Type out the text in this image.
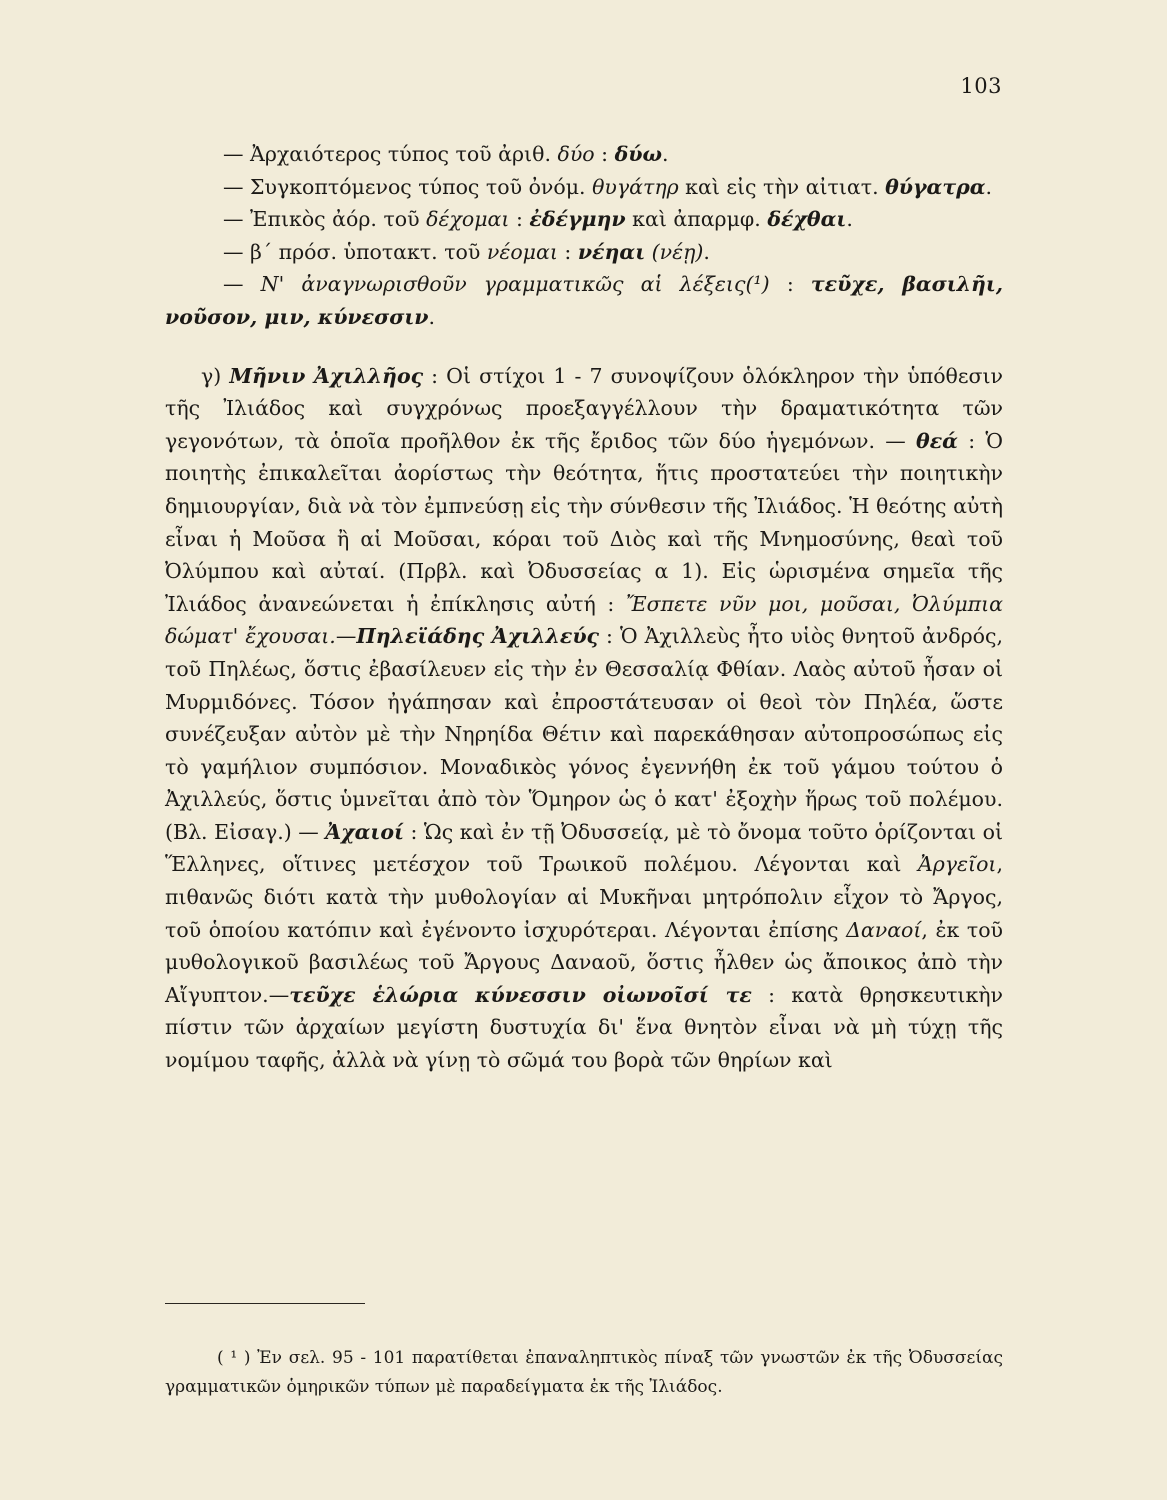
103

— Ἀρχαιότερος τύπος τοῦ ἀριθ. δύο : δύω.

— Συγκοπτόμενος τύπος τοῦ ὀνόμ. θυγάτηρ καὶ εἰς τὴν αἰτιατ. θύγατρα.

— Ἐπικὸς ἀόρ. τοῦ δέχομαι : ἐδέγμην καὶ ἀπαρμφ. δέχθαι.

— β΄ πρόσ. ὑποτακτ. τοῦ νέομαι : νέηαι (νέῃ).

— Ν' ἀναγνωρισθοῦν γραμματικῶς αἱ λέξεις(¹) : τεῦχε, βασιλῆι, νοῦσον, μιν, κύνεσσιν.

γ) Μῆνιν Ἀχιλλῆος : Οἱ στίχοι 1 - 7 συνοψίζουν ὁλόκληρον τὴν ὑπόθεσιν τῆς Ἰλιάδος καὶ συγχρόνως προεξαγγέλλουν τὴν δραματικότητα τῶν γεγονότων, τὰ ὁποῖα προῆλθον ἐκ τῆς ἔριδος τῶν δύο ἡγεμόνων. — θεά : Ὁ ποιητὴς ἐπικαλεῖται ἀορίστως τὴν θεότητα, ἥτις προστατεύει τὴν ποιητικὴν δημιουργίαν, διὰ νὰ τὸν ἐμπνεύσῃ εἰς τὴν σύνθεσιν τῆς Ἰλιάδος. Ἡ θεότης αὐτὴ εἶναι ἡ Μοῦσα ἢ αἱ Μοῦσαι, κόραι τοῦ Διὸς καὶ τῆς Μνημοσύνης, θεαὶ τοῦ Ὀλύμπου καὶ αὐταί. (Πρβλ. καὶ Ὀδυσσείας α 1). Εἰς ὡρισμένα σημεῖα τῆς Ἰλιάδος ἀνανεώνεται ἡ ἐπίκλησις αὐτή : Ἔσπετε νῦν μοι, μοῦσαι, Ὀλύμπια δώματ' ἔχουσαι.—Πηλεϊάδης Ἀχιλλεύς : Ὁ Ἀχιλλεὺς ἦτο υἱὸς θνητοῦ ἀνδρός, τοῦ Πηλέως, ὅστις ἐβασίλευεν εἰς τὴν ἐν Θεσσαλίᾳ Φθίαν. Λαὸς αὐτοῦ ἦσαν οἱ Μυρμιδόνες. Τόσον ἠγάπησαν καὶ ἐπροστάτευσαν οἱ θεοὶ τὸν Πηλέα, ὥστε συνέζευξαν αὐτὸν μὲ τὴν Νηρηίδα Θέτιν καὶ παρεκάθησαν αὐτοπροσώπως εἰς τὸ γαμήλιον συμπόσιον. Μοναδικὸς γόνος ἐγεννήθη ἐκ τοῦ γάμου τούτου ὁ Ἀχιλλεύς, ὅστις ὑμνεῖται ἀπὸ τὸν Ὅμηρον ὡς ὁ κατ' ἐξοχὴν ἥρως τοῦ πολέμου. (Βλ. Εἰσαγ.) — Ἀχαιοί : Ὡς καὶ ἐν τῇ Ὀδυσσείᾳ, μὲ τὸ ὄνομα τοῦτο ὁρίζονται οἱ Ἕλληνες, οἵτινες μετέσχον τοῦ Τρωικοῦ πολέμου. Λέγονται καὶ Ἀργεῖοι, πιθανῶς διότι κατὰ τὴν μυθολογίαν αἱ Μυκῆναι μητρόπολιν εἶχον τὸ Ἄργος, τοῦ ὁποίου κατόπιν καὶ ἐγένοντο ἰσχυρότεραι. Λέγονται ἐπίσης Δαναοί, ἐκ τοῦ μυθολογικοῦ βασιλέως τοῦ Ἄργους Δαναοῦ, ὅστις ἦλθεν ὡς ἄποικος ἀπὸ τὴν Αἴγυπτον.—τεῦχε ἑλώρια κύνεσσιν οἰωνοῖσί τε : κατὰ θρησκευτικὴν πίστιν τῶν ἀρχαίων μεγίστη δυστυχία δι' ἕνα θνητὸν εἶναι νὰ μὴ τύχῃ τῆς νομίμου ταφῆς, ἀλλὰ νὰ γίνῃ τὸ σῶμά του βορὰ τῶν θηρίων καὶ

( ¹ ) Ἐν σελ. 95 - 101 παρατίθεται ἐπαναληπτικὸς πίναξ τῶν γνωστῶν ἐκ τῆς Ὀδυσσείας γραμματικῶν ὁμηρικῶν τύπων μὲ παραδείγματα ἐκ τῆς Ἰλιάδος.
